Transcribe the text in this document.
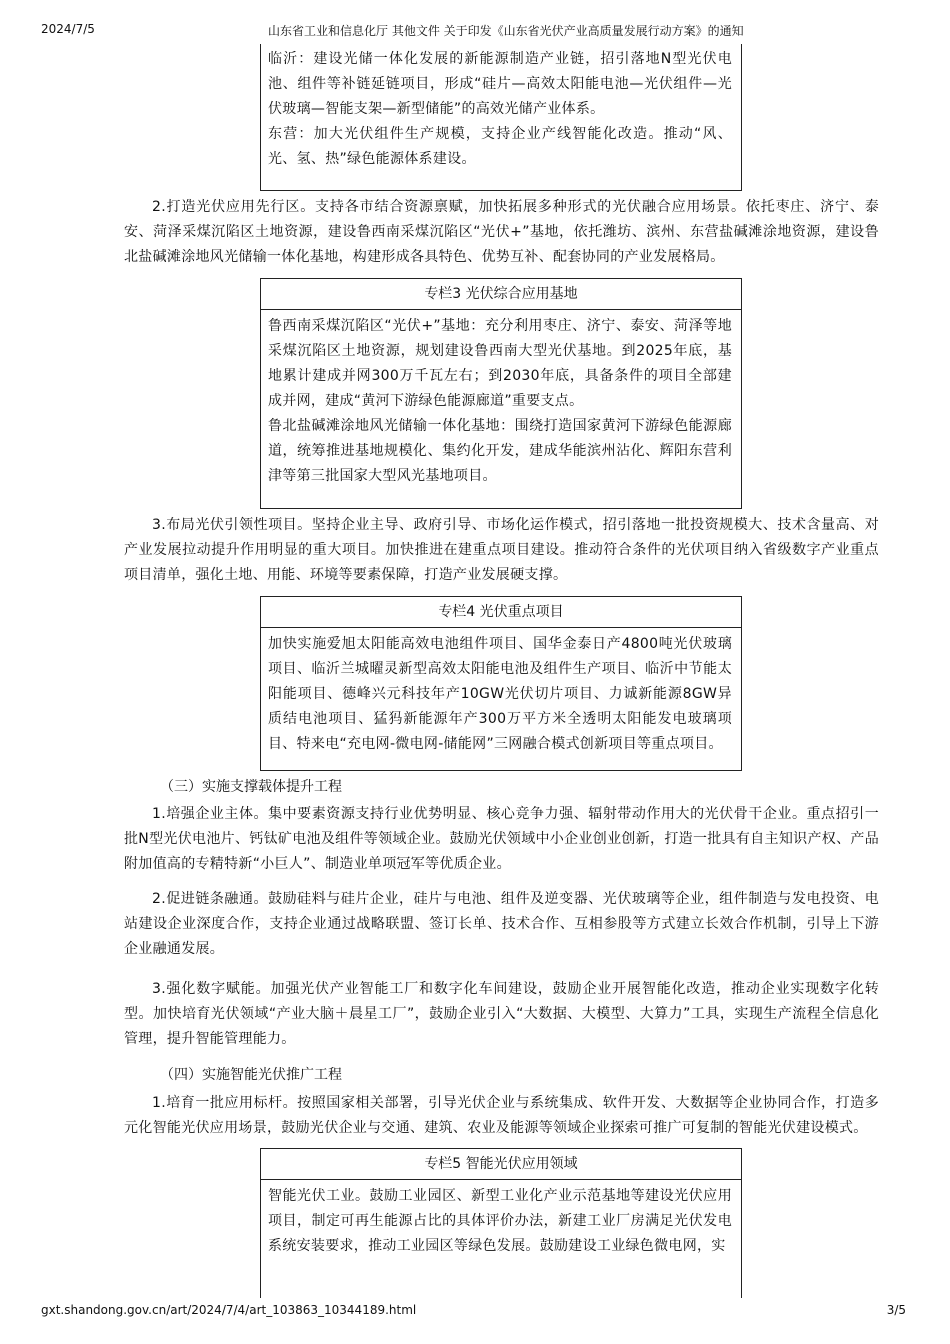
2024/7/5	山东省工业和信息化厅 其他文件 关于印发《山东省光伏产业高质量发展行动方案》的通知

临沂：建设光储一体化发展的新能源制造产业链，招引落地N型光伏电池、组件等补链延链项目，形成“硅片—高效太阳能电池—光伏组件—光伏玻璃—智能支架—新型储能”的高效光储产业体系。

东营：加大光伏组件生产规模，支持企业产线智能化改造。推动“风、光、氢、热”绿色能源体系建设。

2.打造光伏应用先行区。支持各市结合资源禀赋，加快拓展多种形式的光伏融合应用场景。依托枣庄、济宁、泰安、菏泽采煤沉陷区土地资源，建设鲁西南采煤沉陷区“光伏+”基地，依托潍坊、滨州、东营盐碱滩涂地资源，建设鲁北盐碱滩涂地风光储输一体化基地，构建形成各具特色、优势互补、配套协同的产业发展格局。

专栏3 光伏综合应用基地

鲁西南采煤沉陷区“光伏+”基地：充分利用枣庄、济宁、泰安、菏泽等地采煤沉陷区土地资源，规划建设鲁西南大型光伏基地。到2025年底，基地累计建成并网300万千瓦左右；到2030年底，具备条件的项目全部建成并网，建成“黄河下游绿色能源廊道”重要支点。

鲁北盐碱滩涂地风光储输一体化基地：围绕打造国家黄河下游绿色能源廊道，统筹推进基地规模化、集约化开发，建成华能滨州沾化、辉阳东营利津等第三批国家大型风光基地项目。

3.布局光伏引领性项目。坚持企业主导、政府引导、市场化运作模式，招引落地一批投资规模大、技术含量高、对产业发展拉动提升作用明显的重大项目。加快推进在建重点项目建设。推动符合条件的光伏项目纳入省级数字产业重点项目清单，强化土地、用能、环境等要素保障，打造产业发展硬支撑。

专栏4 光伏重点项目

加快实施爱旭太阳能高效电池组件项目、国华金泰日产4800吨光伏玻璃项目、临沂兰城曜灵新型高效太阳能电池及组件生产项目、临沂中节能太阳能项目、德峰兴元科技年产10GW光伏切片项目、力诚新能源8GW异质结电池项目、猛犸新能源年产300万平方米全透明太阳能发电玻璃项目、特来电“充电网-微电网-储能网”三网融合模式创新项目等重点项目。

（三）实施支撑载体提升工程

1.培强企业主体。集中要素资源支持行业优势明显、核心竞争力强、辐射带动作用大的光伏骨干企业。重点招引一批N型光伏电池片、钙钛矿电池及组件等领域企业。鼓励光伏领域中小企业创业创新，打造一批具有自主知识产权、产品附加值高的专精特新“小巨人”、制造业单项冠军等优质企业。

2.促进链条融通。鼓励硅料与硅片企业，硅片与电池、组件及逆变器、光伏玻璃等企业，组件制造与发电投资、电站建设企业深度合作，支持企业通过战略联盟、签订长单、技术合作、互相参股等方式建立长效合作机制，引导上下游企业融通发展。

3.强化数字赋能。加强光伏产业智能工厂和数字化车间建设，鼓励企业开展智能化改造，推动企业实现数字化转型。加快培育光伏领域“产业大脑＋晨星工厂”，鼓励企业引入“大数据、大模型、大算力”工具，实现生产流程全信息化管理，提升智能管理能力。

（四）实施智能光伏推广工程

1.培育一批应用标杆。按照国家相关部署，引导光伏企业与系统集成、软件开发、大数据等企业协同合作，打造多元化智能光伏应用场景，鼓励光伏企业与交通、建筑、农业及能源等领域企业探索可推广可复制的智能光伏建设模式。

专栏5 智能光伏应用领域

智能光伏工业。鼓励工业园区、新型工业化产业示范基地等建设光伏应用项目，制定可再生能源占比的具体评价办法，新建工业厂房满足光伏发电系统安装要求，推动工业园区等绿色发展。鼓励建设工业绿色微电网，实

gxt.shandong.gov.cn/art/2024/7/4/art_103863_10344189.html	3/5
